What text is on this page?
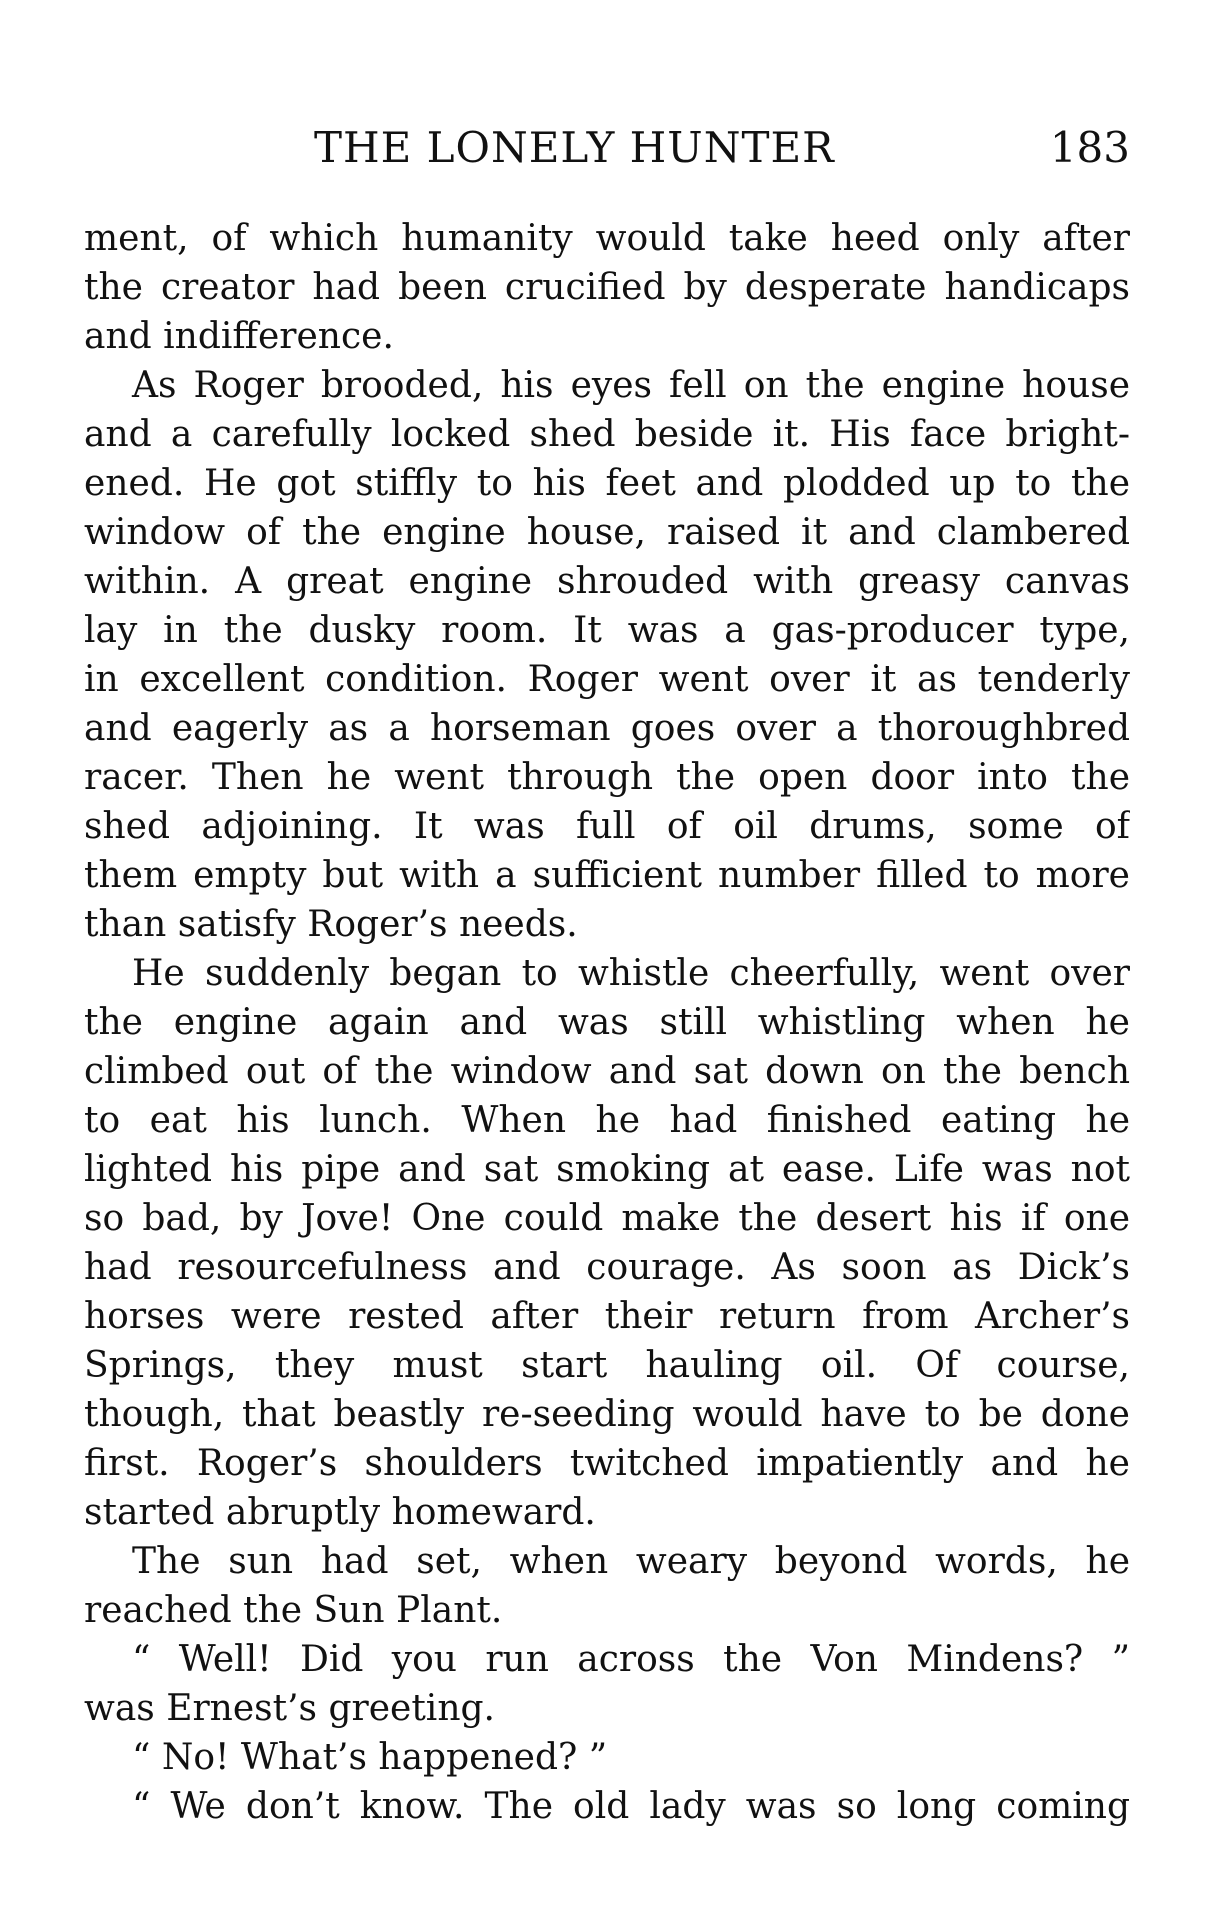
THE LONELY HUNTER	183
ment, of which humanity would take heed only after
the creator had been crucified by desperate handicaps
and indifference.
As Roger brooded, his eyes fell on the engine house
and a carefully locked shed beside it. His face bright-
ened. He got stiffly to his feet and plodded up to the
window of the engine house, raised it and clambered
within. A great engine shrouded with greasy canvas
lay in the dusky room. It was a gas-producer type,
in excellent condition. Roger went over it as tenderly
and eagerly as a horseman goes over a thoroughbred
racer. Then he went through the open door into the
shed adjoining. It was full of oil drums, some of
them empty but with a sufficient number filled to more
than satisfy Roger’s needs.
He suddenly began to whistle cheerfully, went over
the engine again and was still whistling when he
climbed out of the window and sat down on the bench
to eat his lunch. When he had finished eating he
lighted his pipe and sat smoking at ease. Life was not
so bad, by Jove! One could make the desert his if one
had resourcefulness and courage. As soon as Dick’s
horses were rested after their return from Archer’s
Springs, they must start hauling oil. Of course,
though, that beastly re-seeding would have to be done
first. Roger’s shoulders twitched impatiently and he
started abruptly homeward.
The sun had set, when weary beyond words, he
reached the Sun Plant.
“ Well! Did you run across the Von Mindens? ”
was Ernest’s greeting.
“ No! What’s happened? ”
“ We don’t know. The old lady was so long coming
